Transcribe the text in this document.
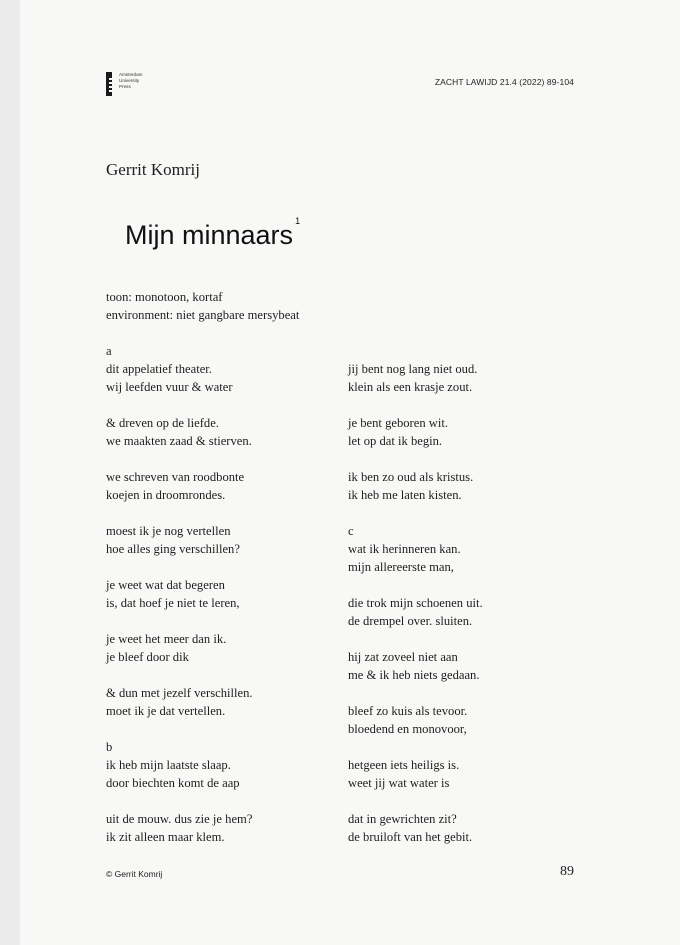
Amsterdam
University
Press	ZACHT LAWIJD 21.4 (2022) 89-104
Gerrit Komrij
Mijn minnaars $^1$
toon: monotoon, kortaf
environment: niet gangbare mersybeat
a
dit appelatief theater.
wij leefden vuur & water
& dreven op de liefde.
we maakten zaad & stierven.
we schreven van roodbonte
koejen in droomrondes.
moest ik je nog vertellen
hoe alles ging verschillen?
je weet wat dat begeren
is, dat hoef je niet te leren,
je weet het meer dan ik.
je bleef door dik
& dun met jezelf verschillen.
moet ik je dat vertellen.
b
ik heb mijn laatste slaap.
door biechten komt de aap
uit de mouw. dus zie je hem?
ik zit alleen maar klem.
jij bent nog lang niet oud.
klein als een krasje zout.
je bent geboren wit.
let op dat ik begin.
ik ben zo oud als kristus.
ik heb me laten kisten.
c
wat ik herinneren kan.
mijn allereerste man,
die trok mijn schoenen uit.
de drempel over. sluiten.
hij zat zoveel niet aan
me & ik heb niets gedaan.
bleef zo kuis als tevoor.
bloedend en monovoor,
hetgeen iets heiligs is.
weet jij wat water is
dat in gewrichten zit?
de bruiloft van het gebit.
© Gerrit Komrij	89
